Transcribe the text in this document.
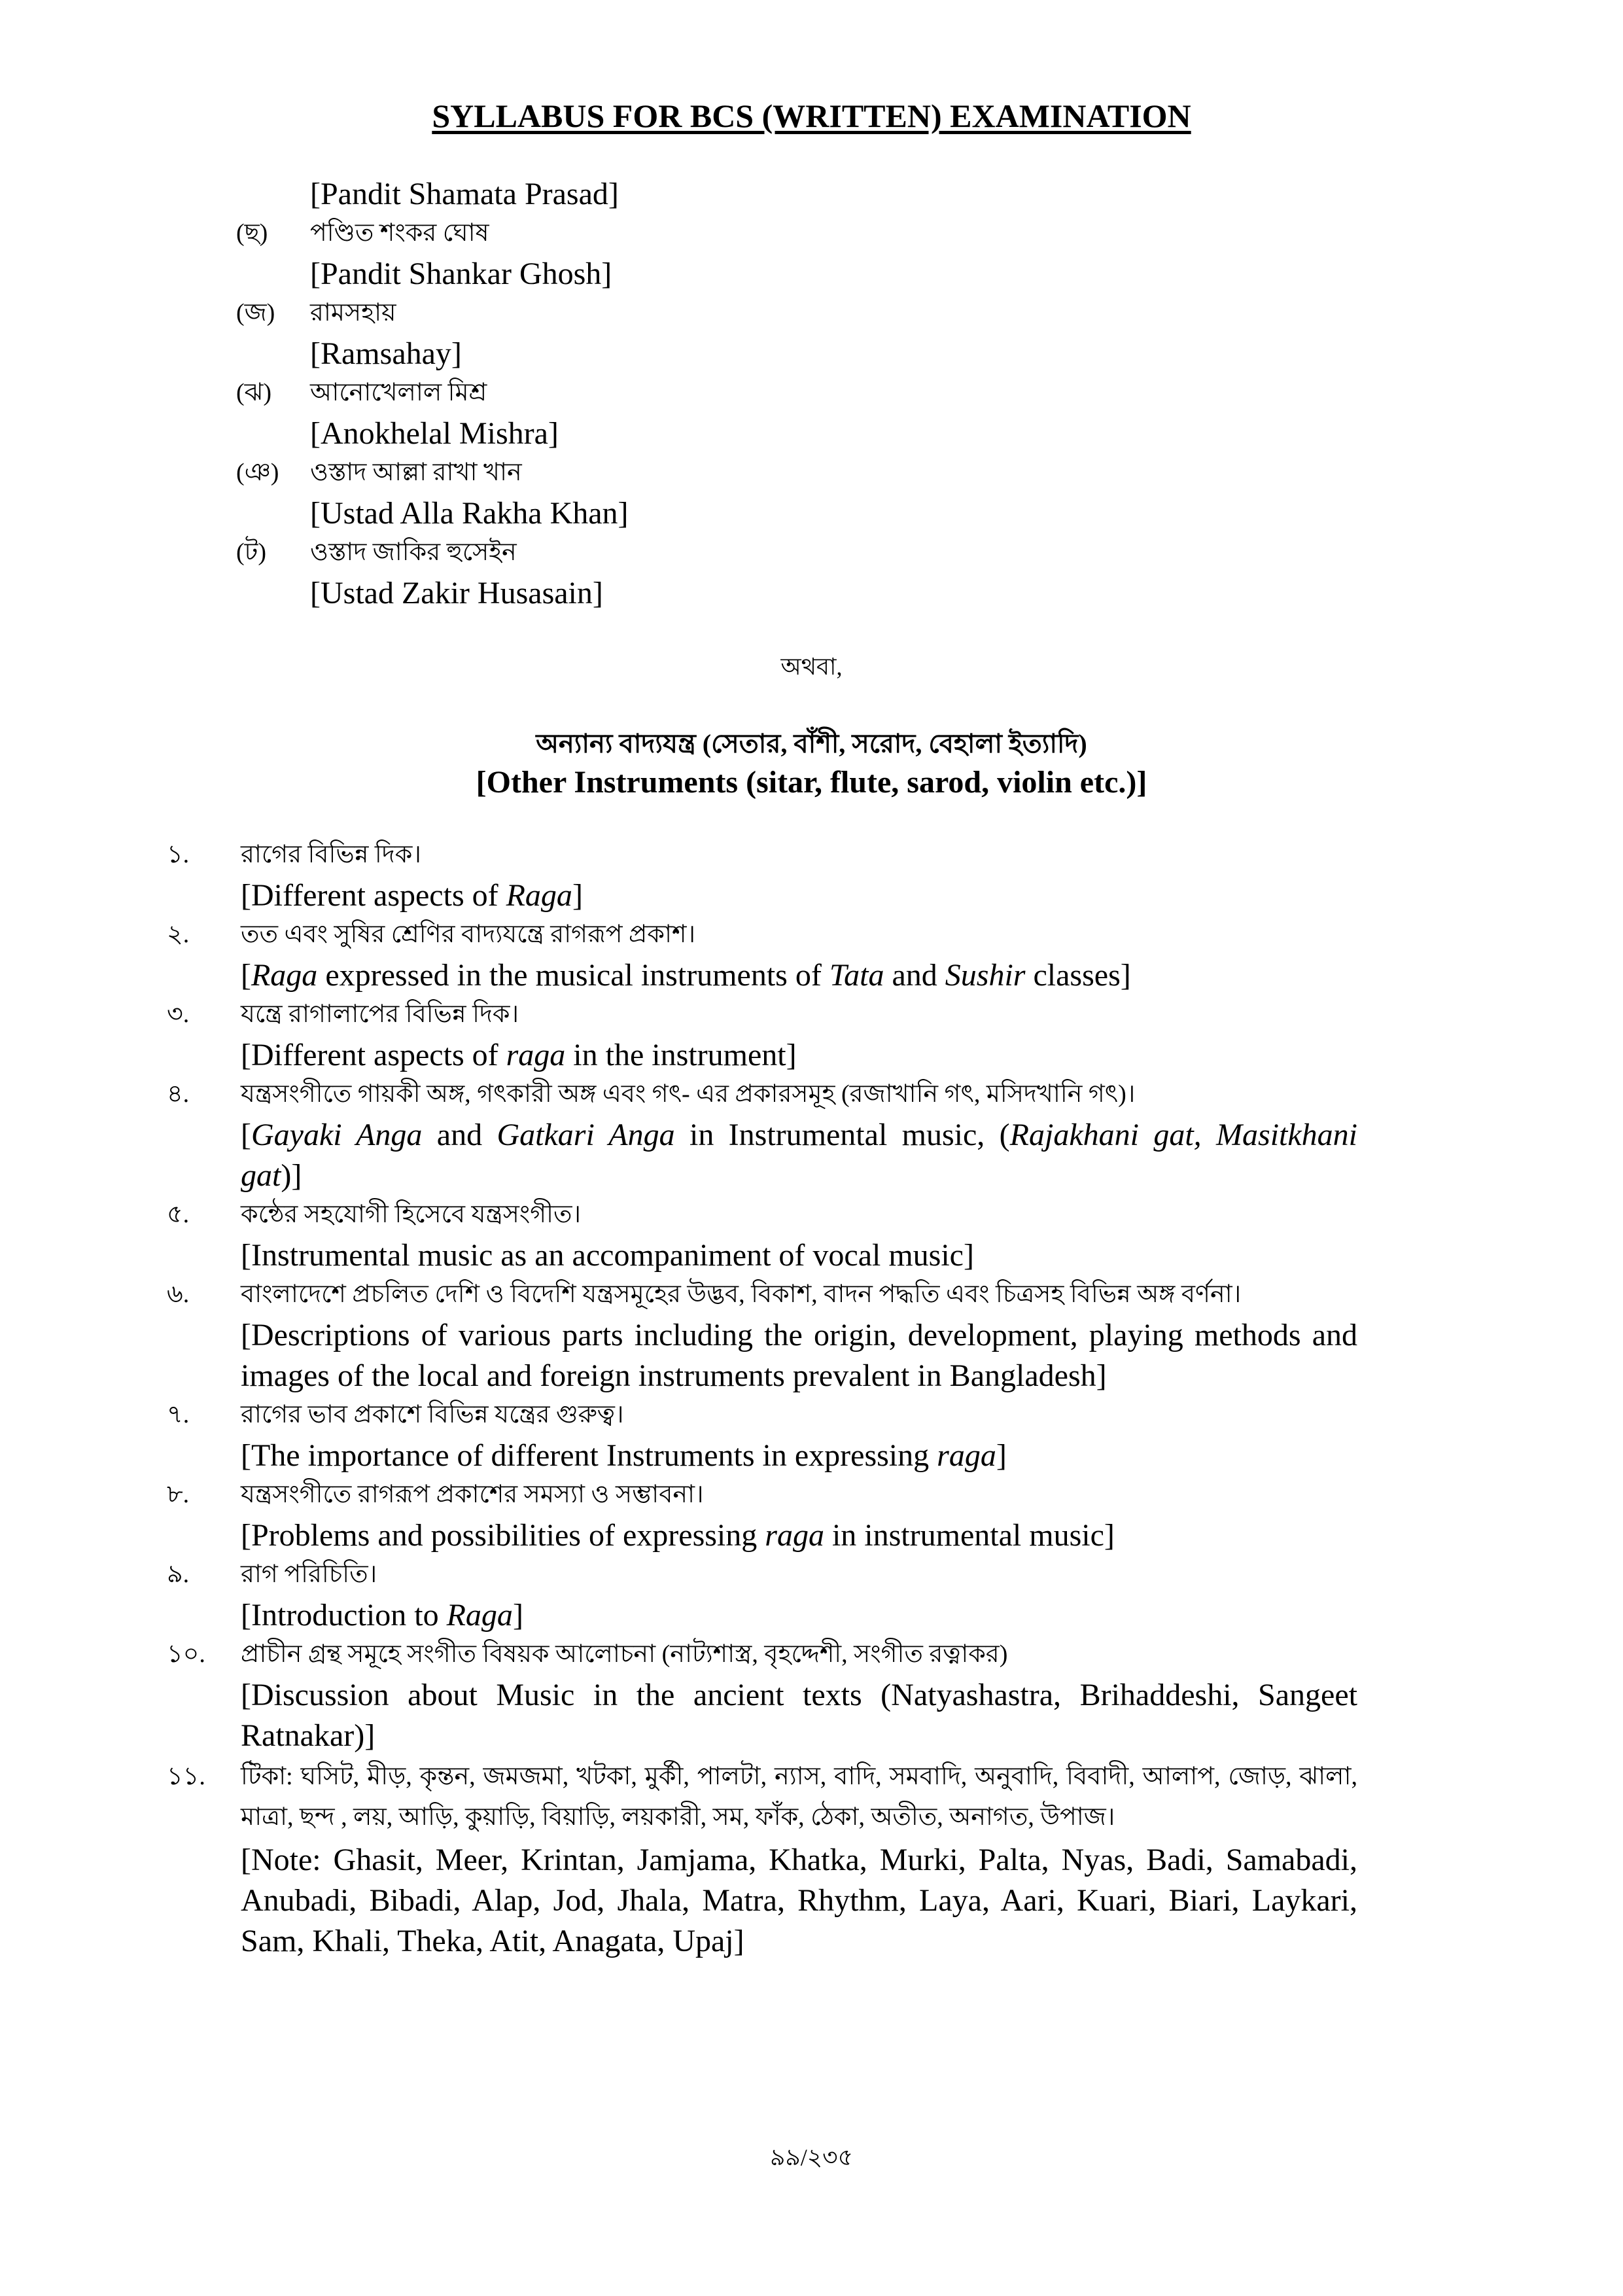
SYLLABUS FOR BCS (WRITTEN) EXAMINATION
[Pandit Shamata Prasad]
(ছ)	পণ্ডিত শংকর ঘোষ
[Pandit Shankar Ghosh]
(জ)	রামসহায়
[Ramsahay]
(ঝ)	আনোখেলাল মিশ্র
[Anokhelal Mishra]
(ঞ)	ওস্তাদ আল্লা রাখা খান
[Ustad Alla Rakha Khan]
(ট)	ওস্তাদ জাকির হুসেইন
[Ustad Zakir Husasain]
অথবা,
অন্যান্য বাদ্যযন্ত্র (সেতার, বাঁশী, সরোদ, বেহালা ইত্যাদি)
[Other Instruments (sitar, flute, sarod, violin etc.)]
১.	রাগের বিভিন্ন দিক।
[Different aspects of Raga]
২.	তত এবং সুষির শ্রেণির বাদ্যযন্ত্রে রাগরূপ প্রকাশ।
[Raga expressed in the musical instruments of Tata and Sushir classes]
৩.	যন্ত্রে রাগালাপের বিভিন্ন দিক।
[Different aspects of raga in the instrument]
৪.	যন্ত্রসংগীতে গায়কী অঙ্গ, গৎকারী অঙ্গ এবং গৎ- এর প্রকারসমূহ (রজাখানি গৎ, মসিদখানি গৎ)।
[Gayaki Anga and Gatkari Anga in Instrumental music, (Rajakhani gat, Masitkhani gat)]
৫.	কন্ঠের সহযোগী হিসেবে যন্ত্রসংগীত।
[Instrumental music as an accompaniment of vocal music]
৬.	বাংলাদেশে প্রচলিত দেশি ও বিদেশি যন্ত্রসমূহের উদ্ভব, বিকাশ, বাদন পদ্ধতি এবং চিত্রসহ বিভিন্ন অঙ্গ বর্ণনা।
[Descriptions of various parts including the origin, development, playing methods and images of the local and foreign instruments prevalent in Bangladesh]
৭.	রাগের ভাব প্রকাশে বিভিন্ন যন্ত্রের গুরুত্ব।
[The importance of different Instruments in expressing raga]
৮.	যন্ত্রসংগীতে রাগরূপ প্রকাশের সমস্যা ও সম্ভাবনা।
[Problems and possibilities of expressing raga in instrumental music]
৯.	রাগ পরিচিতি।
[Introduction to Raga]
১০.	প্রাচীন গ্রন্থ সমূহে সংগীত বিষয়ক আলোচনা (নাট্যশাস্ত্র, বৃহদ্দেশী, সংগীত রত্নাকর)
[Discussion about Music in the ancient texts (Natyashastra, Brihaddeshi, Sangeet Ratnakar)]
১১.	টিকা: ঘসিট, মীড়, কৃন্তন, জমজমা, খটকা, মুর্কী, পালটা, ন্যাস, বাদি, সমবাদি, অনুবাদি, বিবাদী, আলাপ, জোড়, ঝালা, মাত্রা, ছন্দ , লয়, আড়ি, কুয়াড়ি, বিয়াড়ি, লয়কারী, সম, ফাঁক, ঠেকা, অতীত, অনাগত, উপাজ।
[Note: Ghasit, Meer, Krintan, Jamjama, Khatka, Murki, Palta, Nyas, Badi, Samabadi, Anubadi, Bibadi, Alap, Jod, Jhala, Matra, Rhythm, Laya, Aari, Kuari, Biari, Laykari, Sam, Khali, Theka, Atit, Anagata, Upaj]
৯৯/২৩৫
